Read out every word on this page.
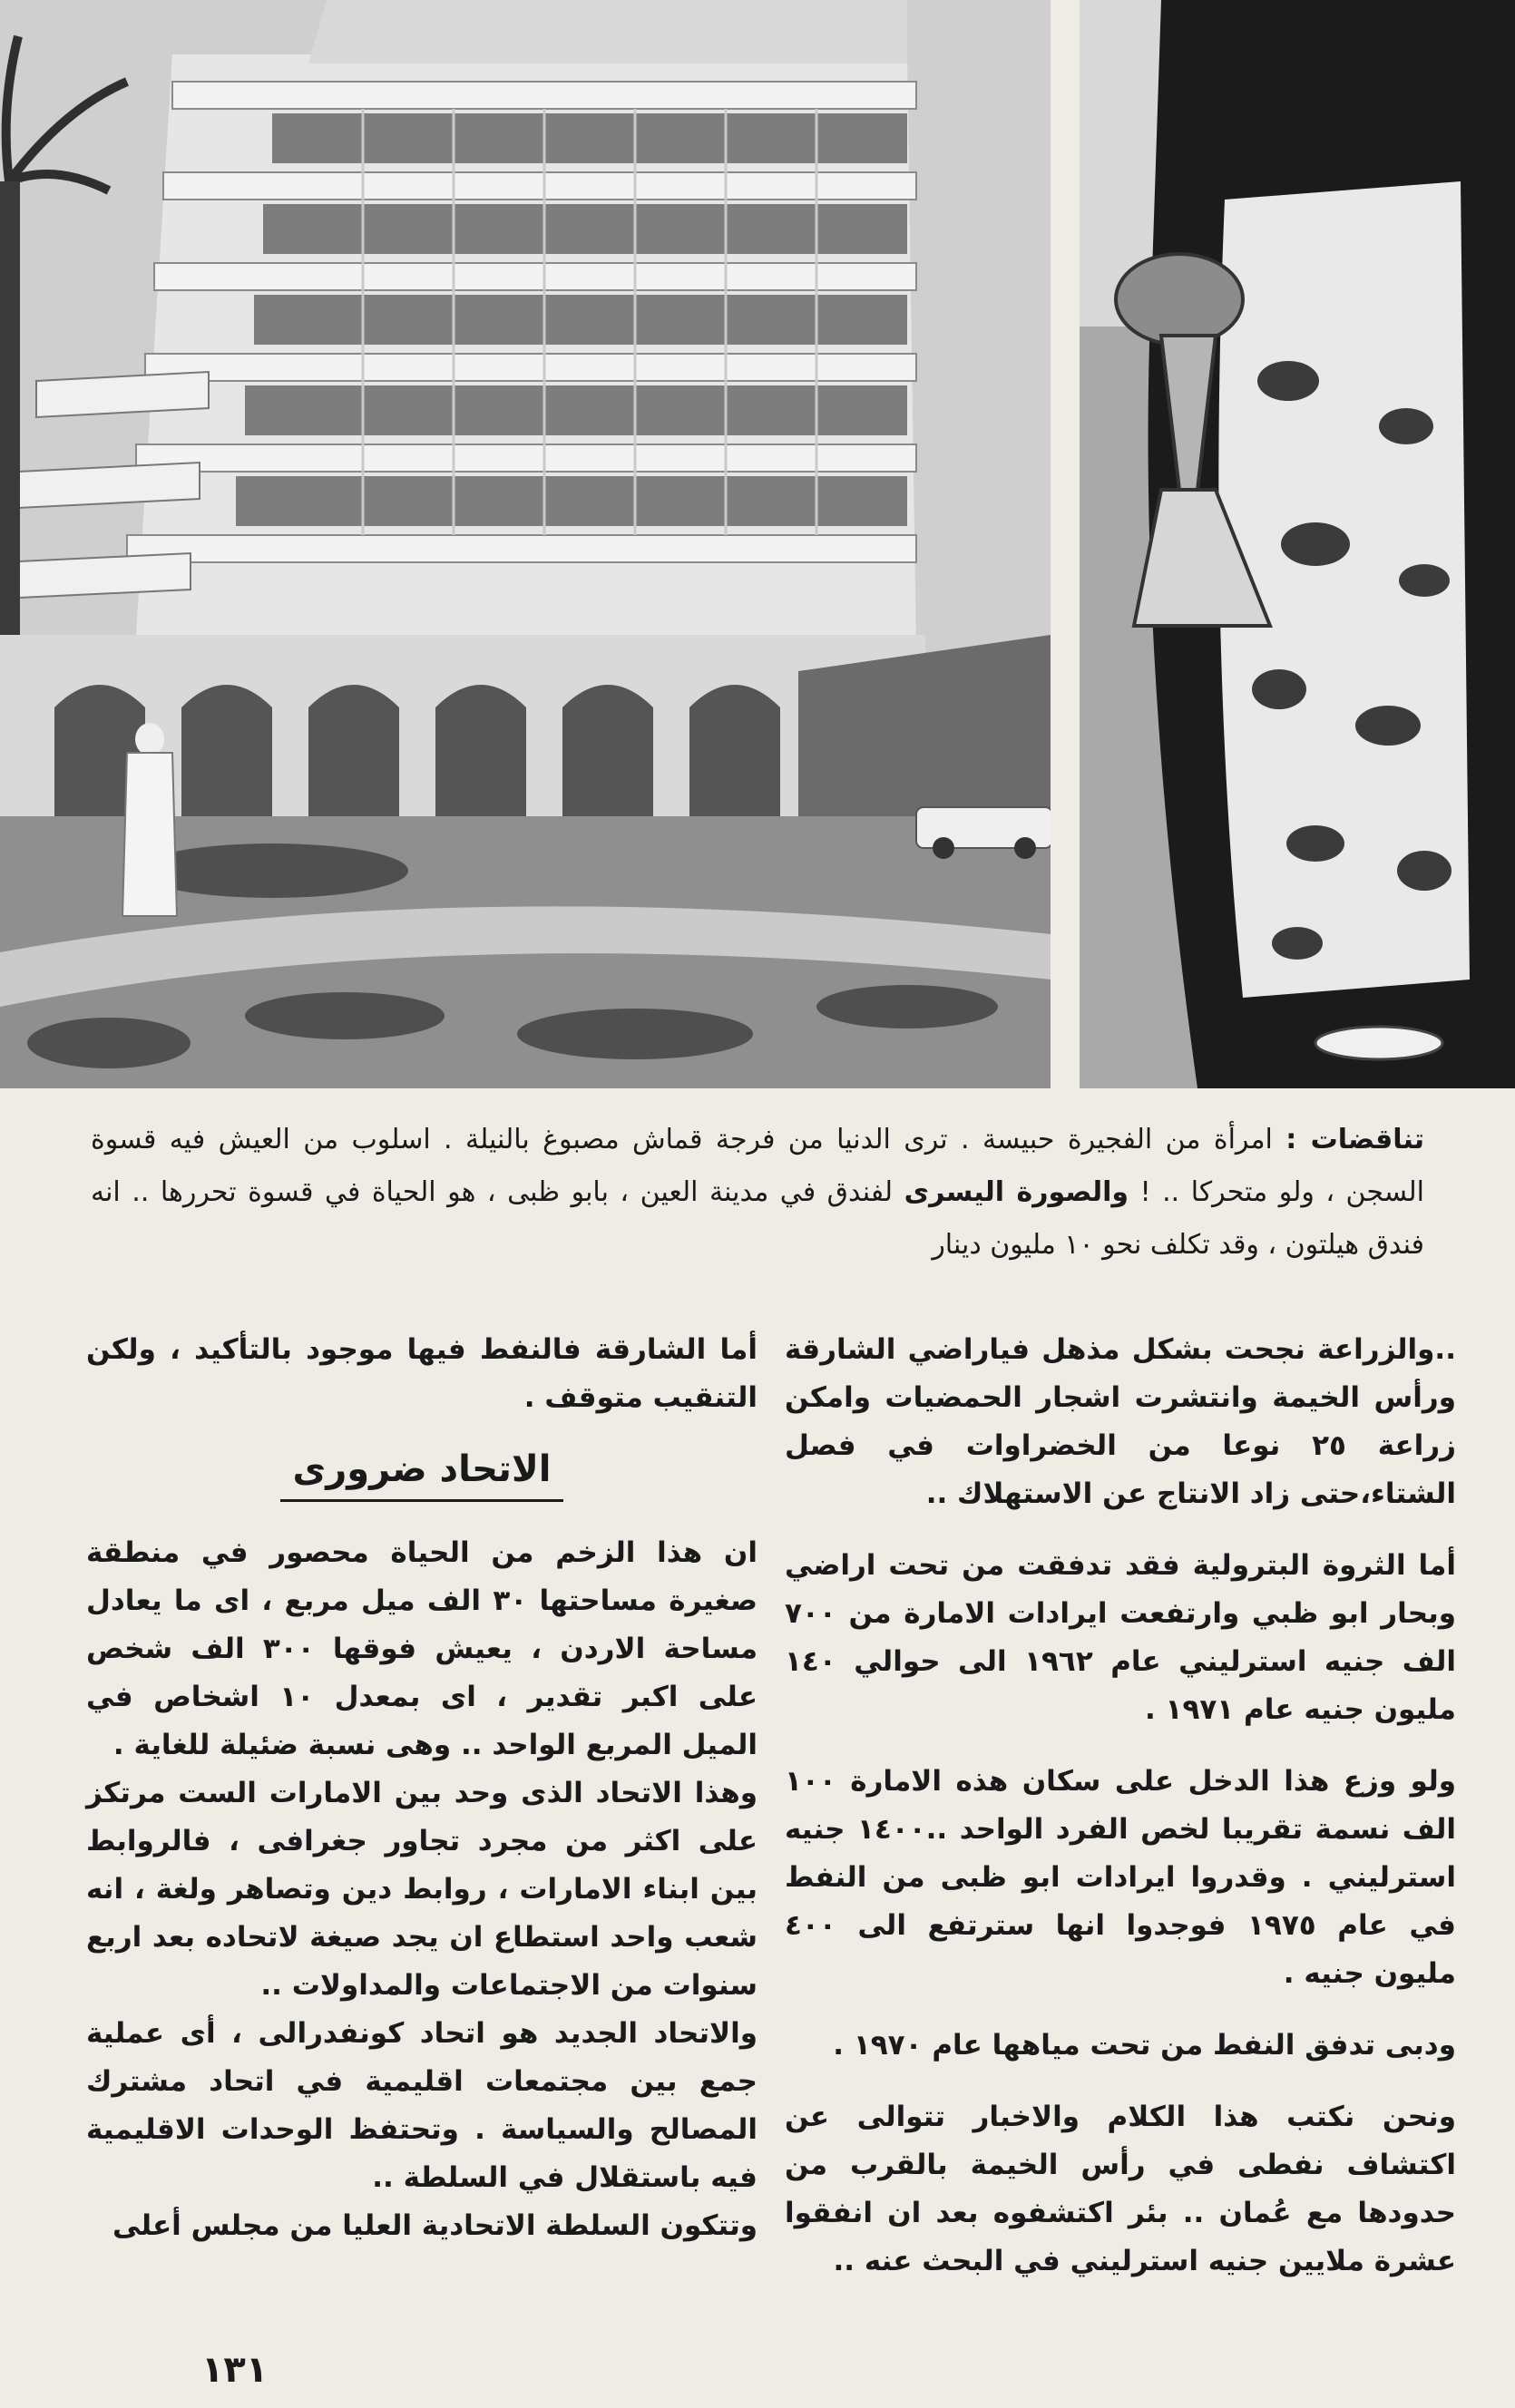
تناقضات : امرأة من الفجيرة حبيسة . ترى الدنيا من فرجة قماش مصبوغ بالنيلة . اسلوب من العيش فيه قسوة السجن ، ولو متحركا .. ! والصورة اليسرى لفندق في مدينة العين ، بابو ظبى ، هو الحياة في قسوة تحررها .. انه فندق هيلتون ، وقد تكلف نحو ١٠ مليون دينار

..والزراعة نجحت بشكل مذهل فياراضي الشارقة ورأس الخيمة وانتشرت اشجار الحمضيات وامكن زراعة ٢٥ نوعا من الخضراوات في فصل الشتاء،حتى زاد الانتاج عن الاستهلاك ..

أما الثروة البترولية فقد تدفقت من تحت اراضي وبحار ابو ظبي وارتفعت ايرادات الامارة من ٧٠٠ الف جنيه استرليني عام ١٩٦٢ الى حوالي ١٤٠ مليون جنيه عام ١٩٧١ .

ولو وزع هذا الدخل على سكان هذه الامارة ١٠٠ الف نسمة تقريبا لخص الفرد الواحد ..١٤٠٠ جنيه استرليني . وقدروا ايرادات ابو ظبى من النفط في عام ١٩٧٥ فوجدوا انها سترتفع الى ٤٠٠ مليون جنيه .

ودبى تدفق النفط من تحت مياهها عام ١٩٧٠ .

ونحن نكتب هذا الكلام والاخبار تتوالى عن اكتشاف نفطى في رأس الخيمة بالقرب من حدودها مع عُمان .. بئر اكتشفوه بعد ان انفقوا عشرة ملايين جنيه استرليني في البحث عنه ..

أما الشارقة فالنفط فيها موجود بالتأكيد ، ولكن التنقيب متوقف .

الاتحاد ضرورى

ان هذا الزخم من الحياة محصور في منطقة صغيرة مساحتها ٣٠ الف ميل مربع ، اى ما يعادل مساحة الاردن ، يعيش فوقها ٣٠٠ الف شخص على اكبر تقدير ، اى بمعدل ١٠ اشخاص في الميل المربع الواحد .. وهى نسبة ضئيلة للغاية .

وهذا الاتحاد الذى وحد بين الامارات الست مرتكز على اكثر من مجرد تجاور جغرافى ، فالروابط بين ابناء الامارات ، روابط دين وتصاهر ولغة ، انه شعب واحد استطاع ان يجد صيغة لاتحاده بعد اربع سنوات من الاجتماعات والمداولات ..

والاتحاد الجديد هو اتحاد كونفدرالى ، أى عملية جمع بين مجتمعات اقليمية في اتحاد مشترك المصالح والسياسة . وتحتفظ الوحدات الاقليمية فيه باستقلال في السلطة ..

وتتكون السلطة الاتحادية العليا من مجلس أعلى

١٣١
